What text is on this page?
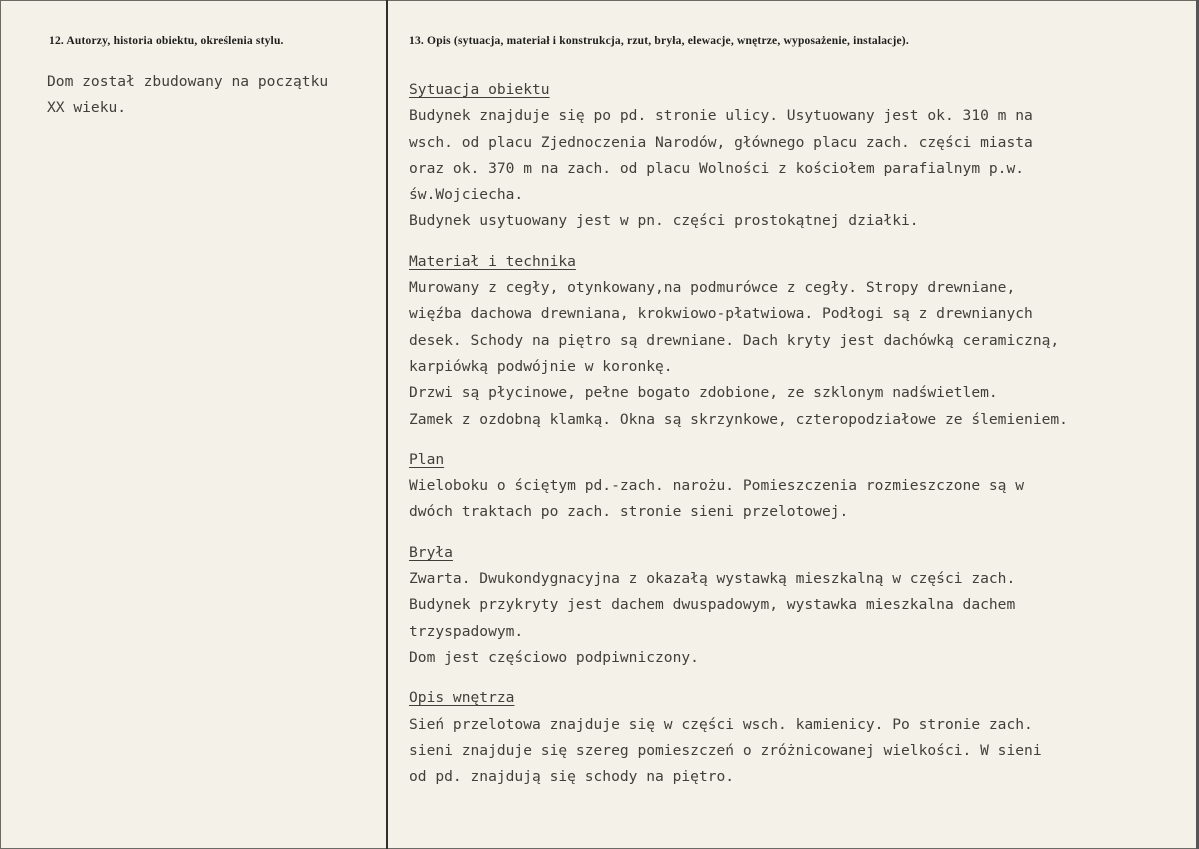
12. Autorzy, historia obiektu, określenia stylu.	13. Opis (sytuacja, materiał i konstrukcja, rzut, bryła, elewacje, wnętrze, wyposażenie, instalacje).
Dom został zbudowany na początku
XX wieku.
Sytuacja obiektu
Budynek znajduje się po pd. stronie ulicy. Usytuowany jest ok. 310 m na
wsch. od placu Zjednoczenia Narodów, głównego placu zach. części miasta
oraz ok. 370 m na zach. od placu Wolności z kościołem parafialnym p.w.
św.Wojciecha.
Budynek usytuowany jest w pn. części prostokątnej działki.
Materiał i technika
Murowany z cegły, otynkowany,na podmurówce z cegły. Stropy drewniane,
więźba dachowa drewniana, krokwiowo-płatwiowa. Podłogi są z drewnianych
desek. Schody na piętro są drewniane. Dach kryty jest dachówką ceramiczną,
karpiówką podwójnie w koronkę.
Drzwi są płycinowe, pełne bogato zdobione, ze szklonym nadświetlem.
Zamek z ozdobną klamką. Okna są skrzynkowe, czteropodziałowe ze ślemieniem.
Plan
Wieloboku o ściętym pd.-zach. narożu. Pomieszczenia rozmieszczone są w
dwóch traktach po zach. stronie sieni przelotowej.
Bryła
Zwarta. Dwukondygnacyjna z okazałą wystawką mieszkalną w części zach.
Budynek przykryty jest dachem dwuspadowym, wystawka mieszkalna dachem
trzyspadowym.
Dom jest częściowo podpiwniczony.
Opis wnętrza
Sień przelotowa znajduje się w części wsch. kamienicy. Po stronie zach.
sieni znajduje się szereg pomieszczeń o zróżnicowanej wielkości. W sieni
od pd. znajdują się schody na piętro.
